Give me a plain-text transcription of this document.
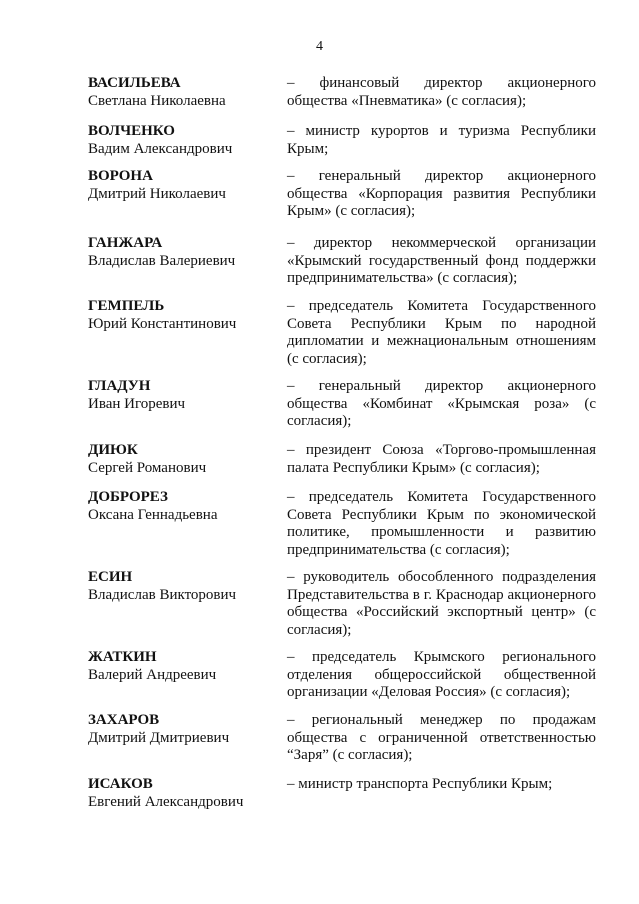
4
ВАСИЛЬЕВА
Светлана Николаевна
– финансовый директор акционерного общества «Пневматика» (с согласия);
ВОЛЧЕНКО
Вадим Александрович
– министр курортов и туризма Республики Крым;
ВОРОНА
Дмитрий Николаевич
– генеральный директор акционерного общества «Корпорация развития Республики Крым» (с согласия);
ГАНЖАРА
Владислав Валериевич
– директор некоммерческой организации «Крымский государственный фонд поддержки предпринимательства» (с согласия);
ГЕМПЕЛЬ
Юрий Константинович
– председатель Комитета Государственного Совета Республики Крым по народной дипломатии и межнациональным отношениям (с согласия);
ГЛАДУН
Иван Игоревич
– генеральный директор акционерного общества «Комбинат «Крымская роза» (с согласия);
ДИЮК
Сергей Романович
– президент Союза «Торгово-промышленная палата Республики Крым» (с согласия);
ДОБРОРЕЗ
Оксана Геннадьевна
– председатель Комитета Государственного Совета Республики Крым по экономической политике, промышленности и развитию предпринимательства (с согласия);
ЕСИН
Владислав Викторович
– руководитель обособленного подразделения Представительства в г. Краснодар акционерного общества «Российский экспортный центр» (с согласия);
ЖАТКИН
Валерий Андреевич
– председатель Крымского регионального отделения общероссийской общественной организации «Деловая Россия» (с согласия);
ЗАХАРОВ
Дмитрий Дмитриевич
– региональный менеджер по продажам общества с ограниченной ответственностью “Заря” (с согласия);
ИСАКОВ
Евгений Александрович
– министр транспорта Республики Крым;
